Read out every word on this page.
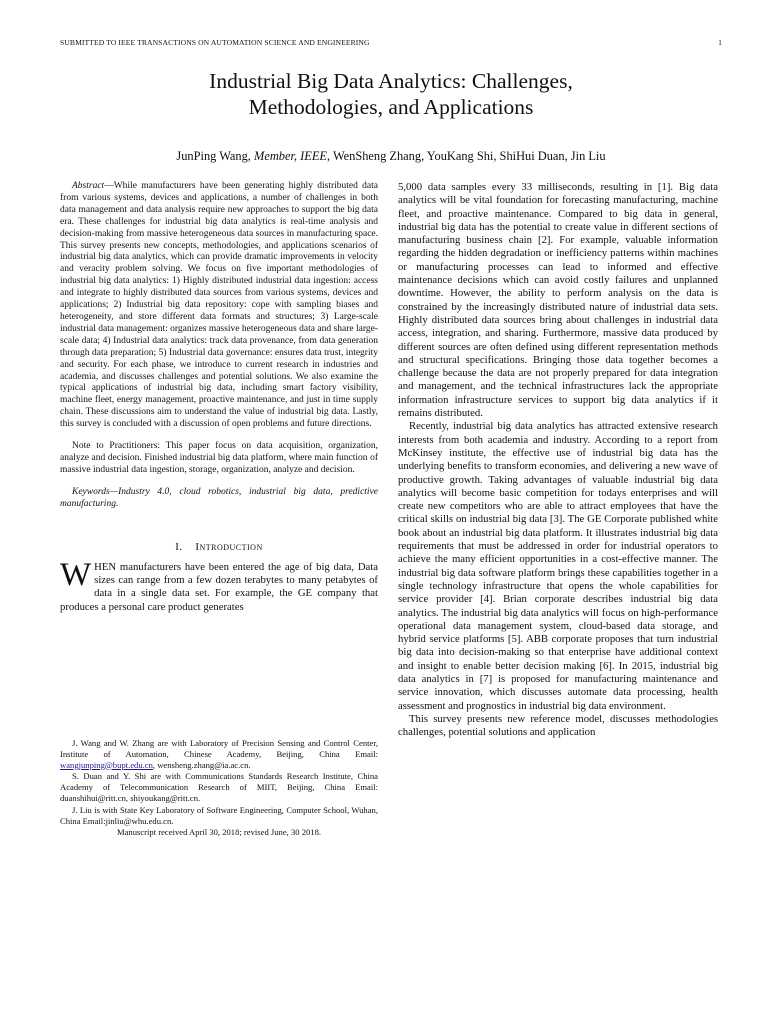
SUBMITTED TO IEEE TRANSACTIONS ON AUTOMATION SCIENCE AND ENGINEERING	1
Industrial Big Data Analytics: Challenges,
Methodologies, and Applications
JunPing Wang, Member, IEEE, WenSheng Zhang, YouKang Shi, ShiHui Duan, Jin Liu

Abstract—While manufacturers have been generating highly distributed data from various systems, devices and applications, a number of challenges in both data management and data analysis require new approaches to support the big data era. These challenges for industrial big data analytics is real-time analysis and decision-making from massive heterogeneous data sources in manufacturing space. This survey presents new concepts, methodologies, and applications scenarios of industrial big data analytics, which can provide dramatic improvements in velocity and veracity problem solving. We focus on five important methodologies of industrial big data analytics: 1) Highly distributed industrial data ingestion: access and integrate to highly distributed data sources from various systems, devices and applications; 2) Industrial big data repository: cope with sampling biases and heterogeneity, and store different data formats and structures; 3) Large-scale industrial data management: organizes massive heterogeneous data and share large-scale data; 4) Industrial data analytics: track data provenance, from data generation through data preparation; 5) Industrial data governance: ensures data trust, integrity and security. For each phase, we introduce to current research in industries and academia, and discusses challenges and potential solutions. We also examine the typical applications of industrial big data, including smart factory visibility, machine fleet, energy management, proactive maintenance, and just in time supply chain. These discussions aim to understand the value of industrial big data. Lastly, this survey is concluded with a discussion of open problems and future directions.

Note to Practitioners: This paper focus on data acquisition, organization, analyze and decision. Finished industrial big data platform, where main function of massive industrial data ingestion, storage, organization, analyze and decision.

Keywords—Industry 4.0, cloud robotics, industrial big data, predictive manufacturing.

I. Introduction

WHEN manufacturers have been entered the age of big data, Data sizes can range from a few dozen terabytes to many petabytes of data in a single data set. For example, the GE company that produces a personal care product generates

J. Wang and W. Zhang are with Laboratory of Precision Sensing and Control Center, Institute of Automation, Chinese Academy, Beijing, China Email: wangjunping@bupt.edu.cn, wensheng.zhang@ia.ac.cn.

S. Duan and Y. Shi are with Communications Standards Research Institute, China Academy of Telecommunication Research of MIIT, Beijing, China Email: duanshihui@ritt.cn, shiyoukang@ritt.cn.

J. Liu is with State Key Laboratory of Software Engineering, Computer School, Wuhan, China Email:jinliu@whu.edu.cn.

Manuscript received April 30, 2018; revised June, 30 2018.

5,000 data samples every 33 milliseconds, resulting in [1]. Big data analytics will be vital foundation for forecasting manufacturing, machine fleet, and proactive maintenance. Compared to big data in general, industrial big data has the potential to create value in different sections of manufacturing business chain [2]. For example, valuable information regarding the hidden degradation or inefficiency patterns within machines or manufacturing processes can lead to informed and effective maintenance decisions which can avoid costly failures and unplanned downtime. However, the ability to perform analysis on the data is constrained by the increasingly distributed nature of industrial data sets. Highly distributed data sources bring about challenges in industrial data access, integration, and sharing. Furthermore, massive data produced by different sources are often defined using different representation methods and structural specifications. Bringing those data together becomes a challenge because the data are not properly prepared for data integration and management, and the technical infrastructures lack the appropriate information infrastructure services to support big data analytics if it remains distributed.

Recently, industrial big data analytics has attracted extensive research interests from both academia and industry. According to a report from McKinsey institute, the effective use of industrial big data has the underlying benefits to transform economies, and delivering a new wave of productive growth. Taking advantages of valuable industrial big data analytics will become basic competition for todays enterprises and will create new competitors who are able to attract employees that have the critical skills on industrial big data [3]. The GE Corporate published white book about an industrial big data platform. It illustrates industrial big data requirements that must be addressed in order for industrial operators to achieve the many efficient opportunities in a cost-effective manner. The industrial big data software platform brings these capabilities together in a single technology infrastructure that opens the whole capabilities for service provider [4]. Brian corporate describes industrial big data analytics. The industrial big data analytics will focus on high-performance operational data management system, cloud-based data storage, and hybrid service platforms [5]. ABB corporate proposes that turn industrial big data into decision-making so that enterprise have additional context and insight to enable better decision making [6]. In 2015, industrial big data analytics in [7] is proposed for manufacturing maintenance and service innovation, which discusses automate data processing, health assessment and prognostics in industrial big data environment.

This survey presents new reference model, discusses methodologies challenges, potential solutions and application
